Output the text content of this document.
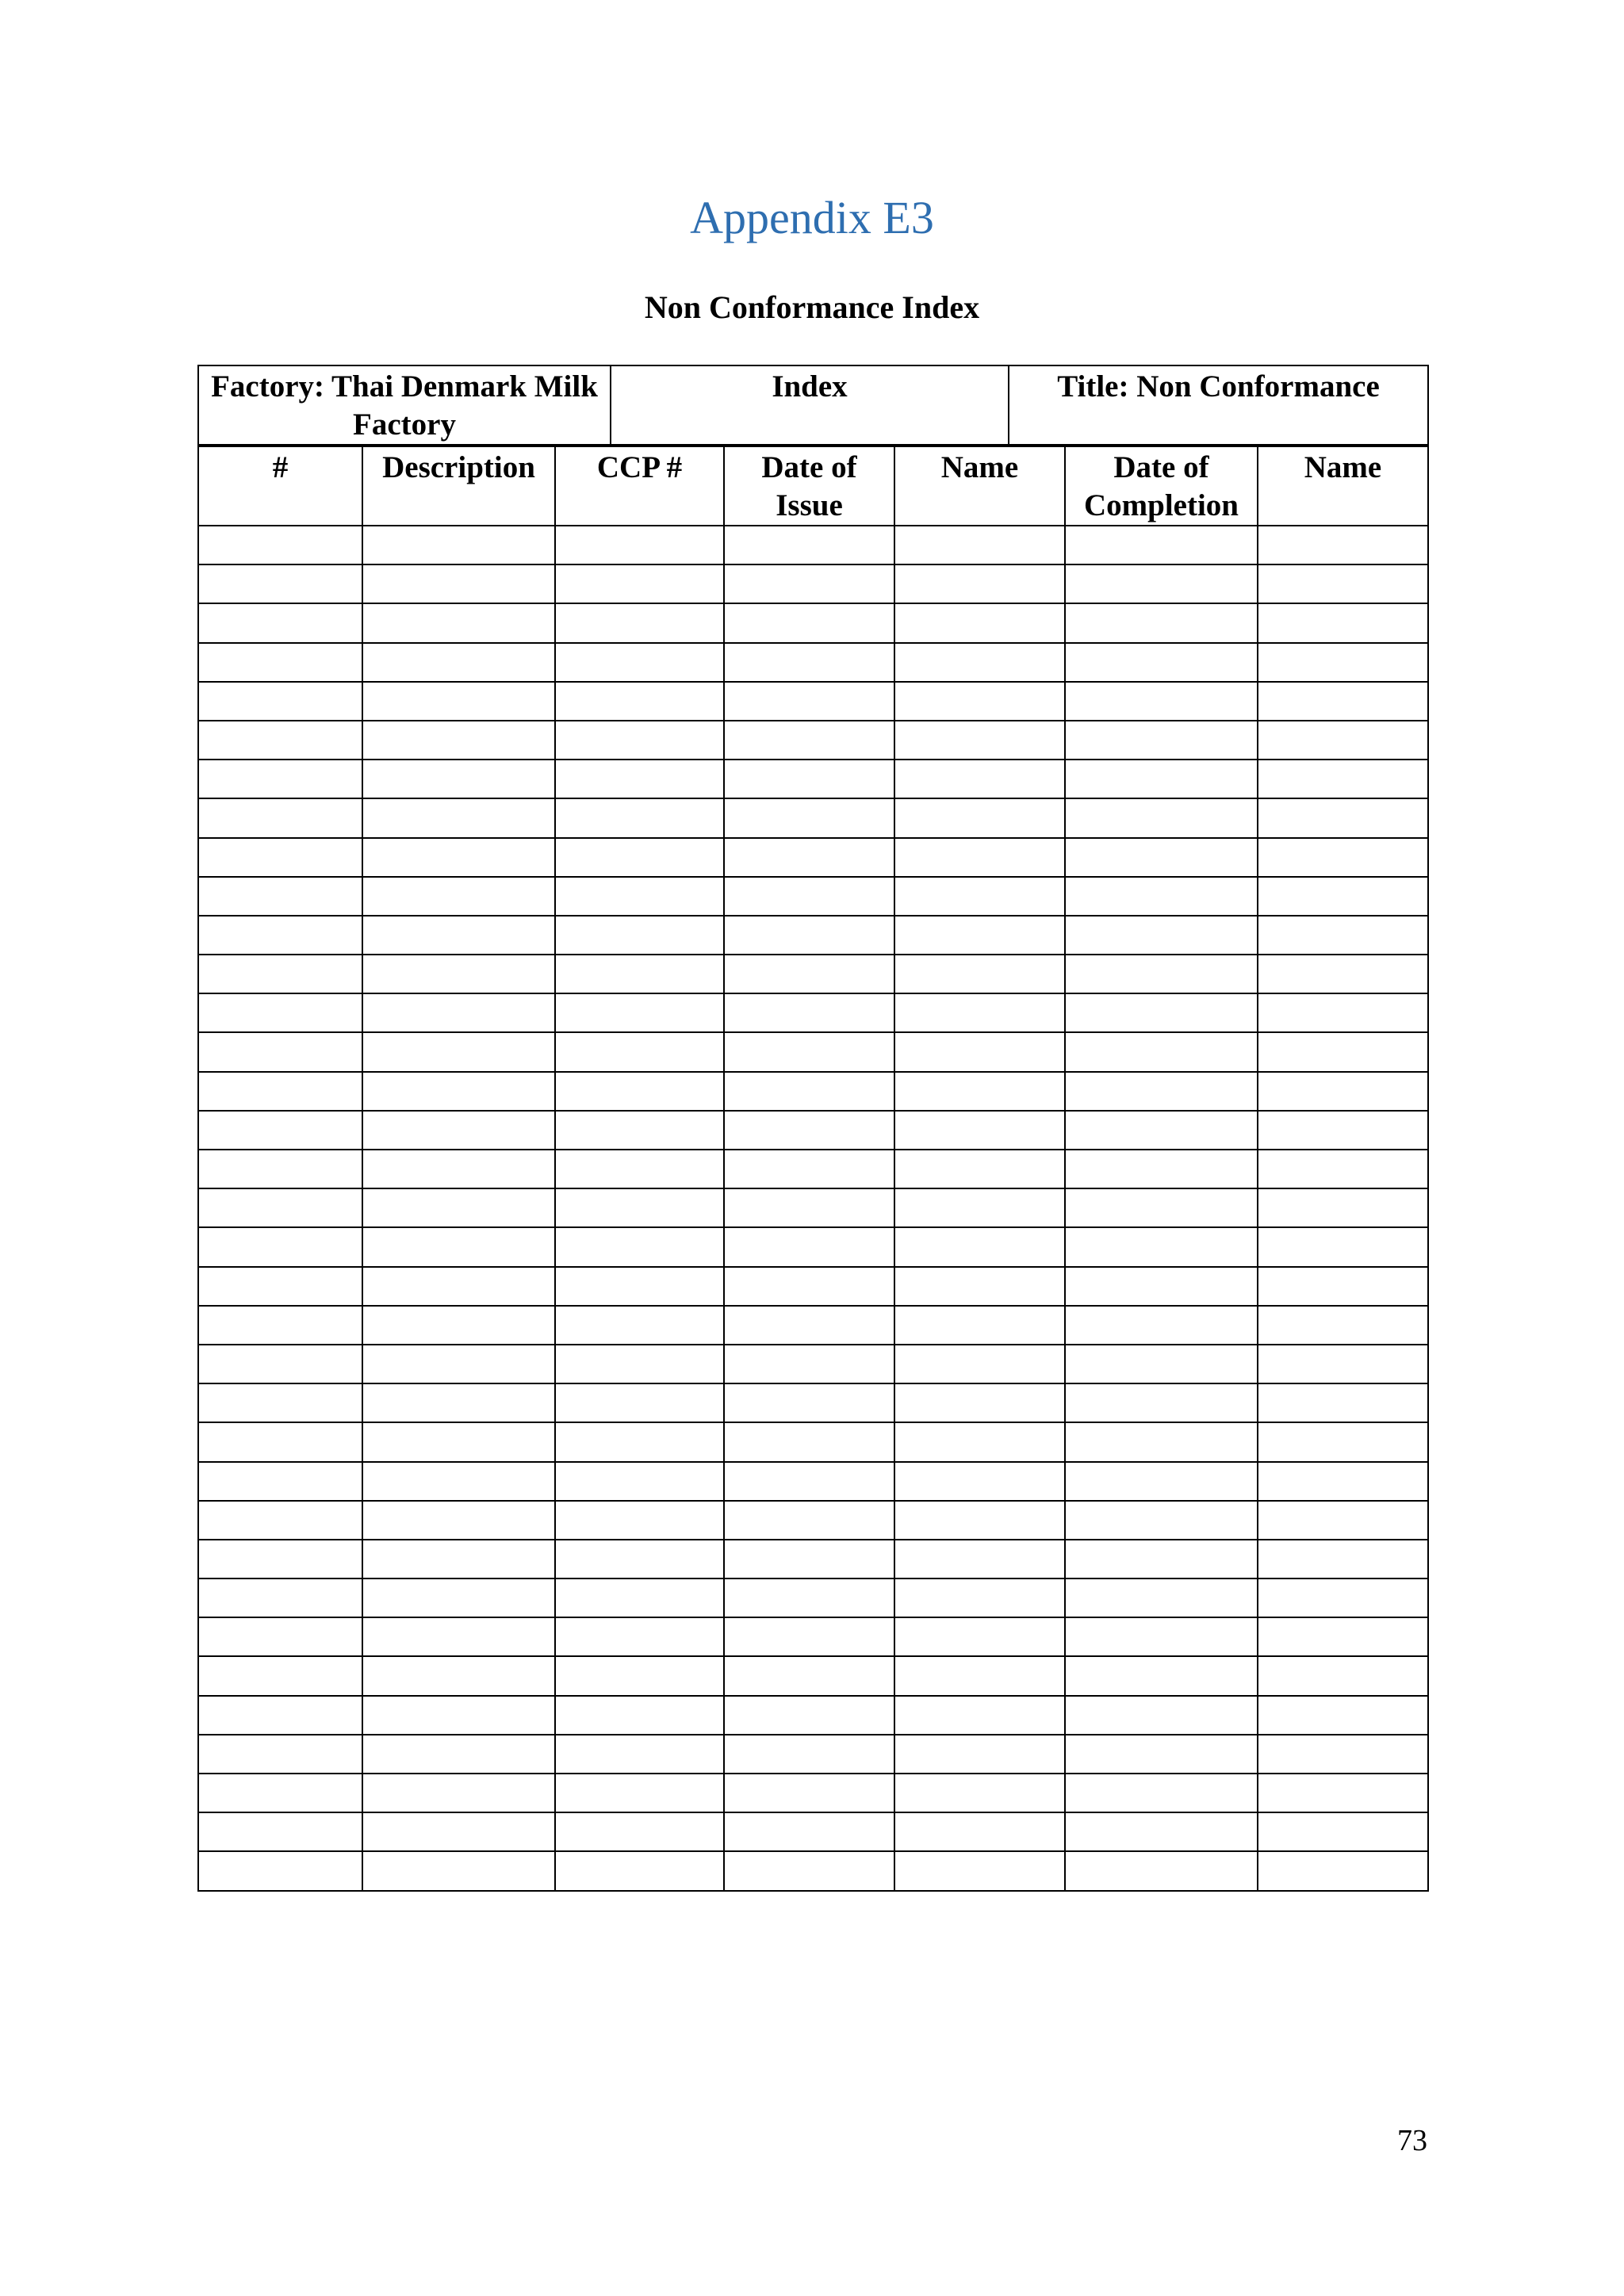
Appendix E3
Non Conformance Index
Factory: Thai Denmark Milk Factory	Index	Title: Non Conformance
#	Description	CCP #	Date of Issue	Name	Date of Completion	Name

73
